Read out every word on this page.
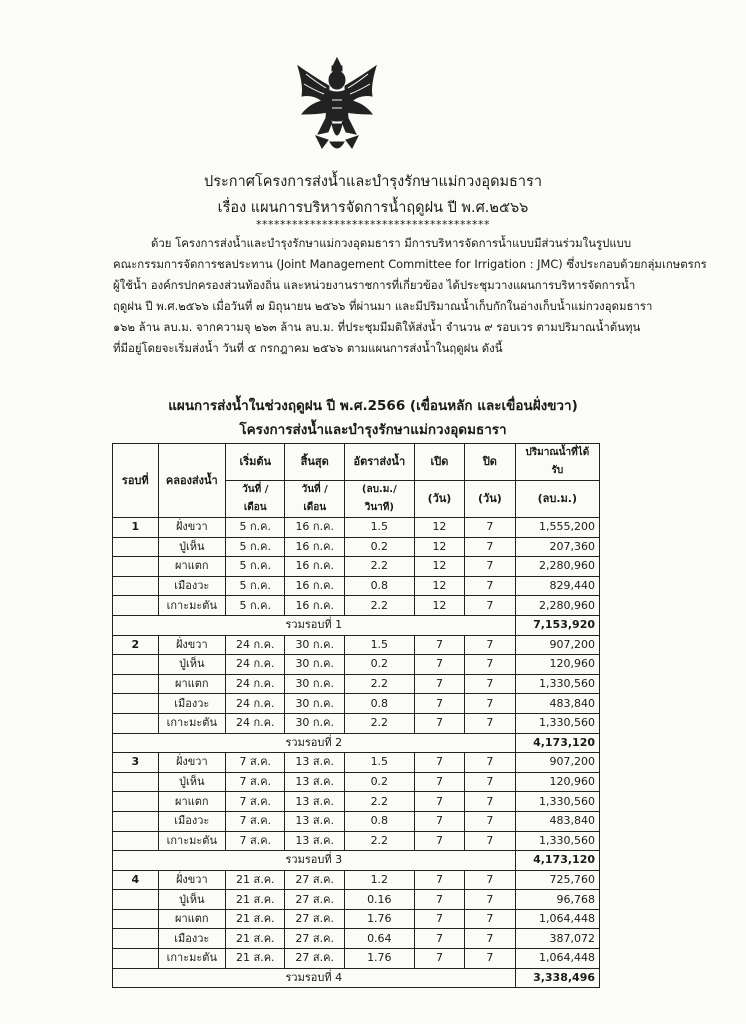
ประกาศโครงการส่งน้ำและบำรุงรักษาแม่กวงอุดมธารา
เรื่อง แผนการบริหารจัดการน้ำฤดูฝน ปี พ.ศ.๒๕๖๖
***************************************

ด้วย โครงการส่งน้ำและบำรุงรักษาแม่กวงอุดมธารา มีการบริหารจัดการน้ำแบบมีส่วนร่วมในรูปแบบ

คณะกรรมการจัดการชลประทาน (Joint Management Committee for Irrigation : JMC) ซึ่งประกอบด้วยกลุ่มเกษตรกร

ผู้ใช้น้ำ องค์กรปกครองส่วนท้องถิ่น และหน่วยงานราชการที่เกี่ยวข้อง ได้ประชุมวางแผนการบริหารจัดการน้ำ

ฤดูฝน ปี พ.ศ.๒๕๖๖ เมื่อวันที่ ๗ มิถุนายน ๒๕๖๖ ที่ผ่านมา และมีปริมาณน้ำเก็บกักในอ่างเก็บน้ำแม่กวงอุดมธารา

๑๖๒ ล้าน ลบ.ม. จากความจุ ๒๖๓ ล้าน ลบ.ม. ที่ประชุมมีมติให้ส่งน้ำ จำนวน ๙ รอบเวร ตามปริมาณน้ำต้นทุน

ที่มีอยู่โดยจะเริ่มส่งน้ำ วันที่ ๕ กรกฎาคม ๒๕๖๖ ตามแผนการส่งน้ำในฤดูฝน ดังนี้

แผนการส่งน้ำในช่วงฤดูฝน ปี พ.ศ.2566 (เขื่อนหลัก และเขื่อนฝั่งขวา)
โครงการส่งน้ำและบำรุงรักษาแม่กวงอุดมธารา
รอบที่	คลองส่งน้ำ	เริ่มต้น	สิ้นสุด	อัตราส่งน้ำ	เปิด	ปิด	ปริมาณน้ำที่ได้รับ
		วันที่ / เดือน	วันที่ / เดือน	(ลบ.ม./วินาที)	(วัน)	(วัน)	(ลบ.ม.)
1	ฝั่งขวา	5 ก.ค.	16 ก.ค.	1.5	12	7	1,555,200
	ปู่เห็น	5 ก.ค.	16 ก.ค.	0.2	12	7	207,360
	ผาแตก	5 ก.ค.	16 ก.ค.	2.2	12	7	2,280,960
	เมืองวะ	5 ก.ค.	16 ก.ค.	0.8	12	7	829,440
	เกาะมะตัน	5 ก.ค.	16 ก.ค.	2.2	12	7	2,280,960
รวมรอบที่ 1							7,153,920
2	ฝั่งขวา	24 ก.ค.	30 ก.ค.	1.5	7	7	907,200
	ปู่เห็น	24 ก.ค.	30 ก.ค.	0.2	7	7	120,960
	ผาแตก	24 ก.ค.	30 ก.ค.	2.2	7	7	1,330,560
	เมืองวะ	24 ก.ค.	30 ก.ค.	0.8	7	7	483,840
	เกาะมะตัน	24 ก.ค.	30 ก.ค.	2.2	7	7	1,330,560
รวมรอบที่ 2							4,173,120
3	ฝั่งขวา	7 ส.ค.	13 ส.ค.	1.5	7	7	907,200
	ปู่เห็น	7 ส.ค.	13 ส.ค.	0.2	7	7	120,960
	ผาแตก	7 ส.ค.	13 ส.ค.	2.2	7	7	1,330,560
	เมืองวะ	7 ส.ค.	13 ส.ค.	0.8	7	7	483,840
	เกาะมะตัน	7 ส.ค.	13 ส.ค.	2.2	7	7	1,330,560
รวมรอบที่ 3							4,173,120
4	ฝั่งขวา	21 ส.ค.	27 ส.ค.	1.2	7	7	725,760
	ปู่เห็น	21 ส.ค.	27 ส.ค.	0.16	7	7	96,768
	ผาแตก	21 ส.ค.	27 ส.ค.	1.76	7	7	1,064,448
	เมืองวะ	21 ส.ค.	27 ส.ค.	0.64	7	7	387,072
	เกาะมะตัน	21 ส.ค.	27 ส.ค.	1.76	7	7	1,064,448
รวมรอบที่ 4							3,338,496
